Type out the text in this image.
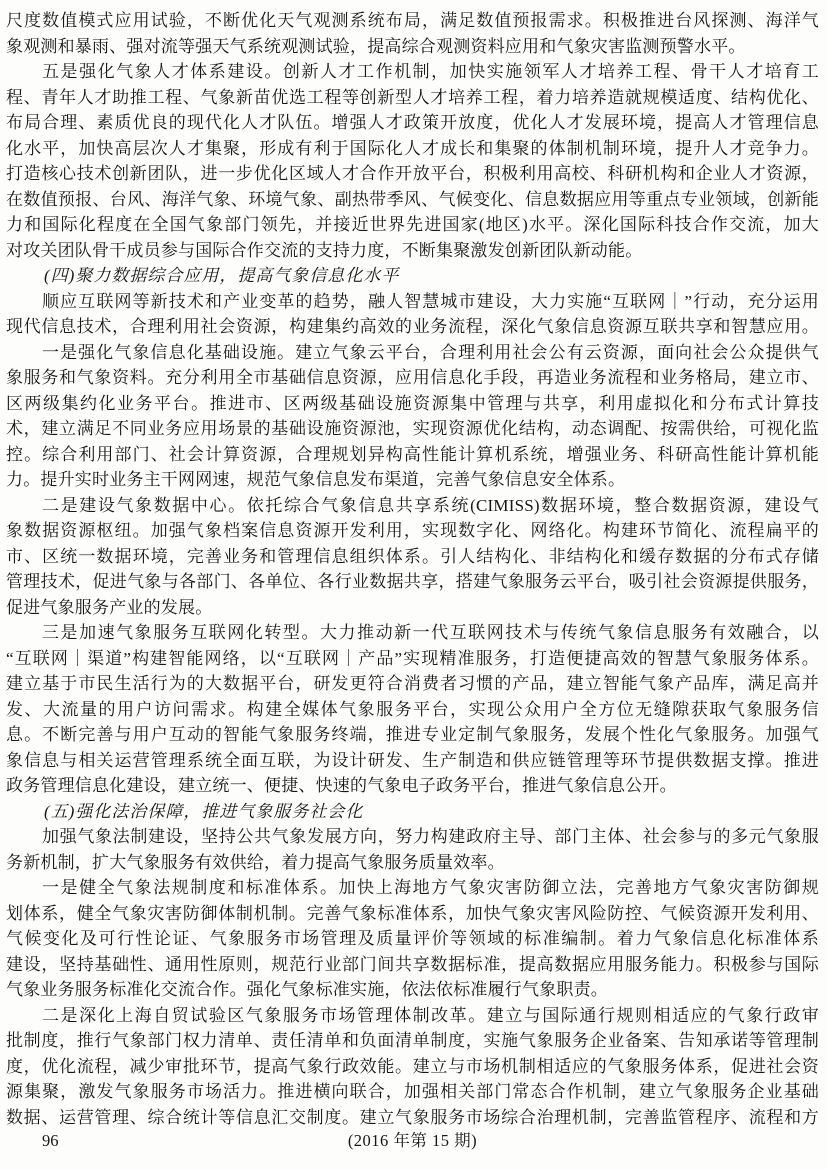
尺度数值模式应用试验，不断优化天气观测系统布局，满足数值预报需求。积极推进台风探测、海洋气
象观测和暴雨、强对流等强天气系统观测试验，提高综合观测资料应用和气象灾害监测预警水平。
五是强化气象人才体系建设。创新人才工作机制，加快实施领军人才培养工程、骨干人才培育工
程、青年人才助推工程、气象新苗优选工程等创新型人才培养工程，着力培养造就规模适度、结构优化、
布局合理、素质优良的现代化人才队伍。增强人才政策开放度，优化人才发展环境，提高人才管理信息
化水平，加快高层次人才集聚，形成有利于国际化人才成长和集聚的体制机制环境，提升人才竞争力。
打造核心技术创新团队，进一步优化区域人才合作开放平台，积极利用高校、科研机构和企业人才资源，
在数值预报、台风、海洋气象、环境气象、副热带季风、气候变化、信息数据应用等重点专业领域，创新能
力和国际化程度在全国气象部门领先，并接近世界先进国家(地区)水平。深化国际科技合作交流，加大
对攻关团队骨干成员参与国际合作交流的支持力度，不断集聚激发创新团队新动能。
(四)聚力数据综合应用，提高气象信息化水平
顺应互联网等新技术和产业变革的趋势，融人智慧城市建设，大力实施“互联网｜”行动，充分运用
现代信息技术，合理利用社会资源，构建集约高效的业务流程，深化气象信息资源互联共享和智慧应用。
一是强化气象信息化基础设施。建立气象云平台，合理利用社会公有云资源，面向社会公众提供气
象服务和气象资料。充分利用全市基础信息资源，应用信息化手段，再造业务流程和业务格局，建立市、
区两级集约化业务平台。推进市、区两级基础设施资源集中管理与共享，利用虚拟化和分布式计算技
术，建立满足不同业务应用场景的基础设施资源池，实现资源优化结构，动态调配、按需供给，可视化监
控。综合利用部门、社会计算资源，合理规划异构高性能计算机系统，增强业务、科研高性能计算机能
力。提升实时业务主干网网速，规范气象信息发布渠道，完善气象信息安全体系。
二是建设气象数据中心。依托综合气象信息共享系统(CIMISS)数据环境，整合数据资源，建设气
象数据资源枢纽。加强气象档案信息资源开发利用，实现数字化、网络化。构建环节简化、流程扁平的
市、区统一数据环境，完善业务和管理信息组织体系。引人结构化、非结构化和缓存数据的分布式存储
管理技术，促进气象与各部门、各单位、各行业数据共享，搭建气象服务云平台，吸引社会资源提供服务，
促进气象服务产业的发展。
三是加速气象服务互联网化转型。大力推动新一代互联网技术与传统气象信息服务有效融合，以
“互联网｜渠道”构建智能网络，以“互联网｜产品”实现精准服务，打造便捷高效的智慧气象服务体系。
建立基于市民生活行为的大数据平台，研发更符合消费者习惯的产品，建立智能气象产品库，满足高并
发、大流量的用户访问需求。构建全媒体气象服务平台，实现公众用户全方位无缝隙获取气象服务信
息。不断完善与用户互动的智能气象服务终端，推进专业定制气象服务，发展个性化气象服务。加强气
象信息与相关运营管理系统全面互联，为设计研发、生产制造和供应链管理等环节提供数据支撑。推进
政务管理信息化建设，建立统一、便捷、快速的气象电子政务平台，推进气象信息公开。
(五)强化法治保障，推进气象服务社会化
加强气象法制建设，坚持公共气象发展方向，努力构建政府主导、部门主体、社会参与的多元气象服
务新机制，扩大气象服务有效供给，着力提高气象服务质量效率。
一是健全气象法规制度和标准体系。加快上海地方气象灾害防御立法，完善地方气象灾害防御规
划体系，健全气象灾害防御体制机制。完善气象标准体系，加快气象灾害风险防控、气候资源开发利用、
气候变化及可行性论证、气象服务市场管理及质量评价等领域的标准编制。着力气象信息化标准体系
建设，坚持基础性、通用性原则，规范行业部门间共享数据标准，提高数据应用服务能力。积极参与国际
气象业务服务标准化交流合作。强化气象标准实施，依法依标准履行气象职责。
二是深化上海自贸试验区气象服务市场管理体制改革。建立与国际通行规则相适应的气象行政审
批制度，推行气象部门权力清单、责任清单和负面清单制度，实施气象服务企业备案、告知承诺等管理制
度，优化流程，减少审批环节，提高气象行政效能。建立与市场机制相适应的气象服务体系，促进社会资
源集聚，激发气象服务市场活力。推进横向联合，加强相关部门常态合作机制，建立气象服务企业基础
数据、运营管理、综合统计等信息汇交制度。建立气象服务市场综合治理机制，完善监管程序、流程和方
96	(2016 年第 15 期)
